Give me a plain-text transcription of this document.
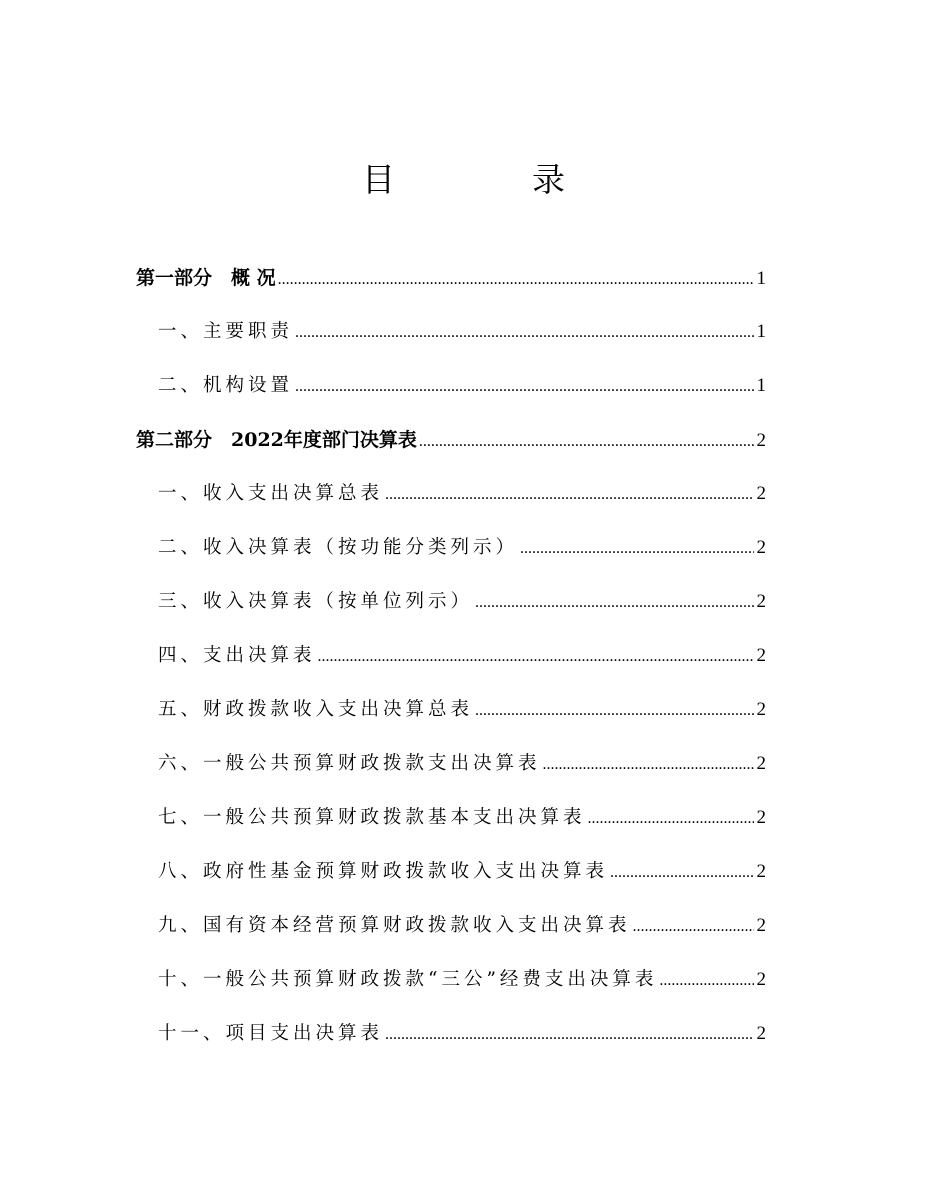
目　录
第一部分　概 况 .....	1
一、主要职责 .....	1
二、机构设置 .....	1
第二部分　2022年度部门决算表 .....	2
一、收入支出决算总表 .....	2
二、收入决算表（按功能分类列示） .....	2
三、收入决算表（按单位列示） .....	2
四、支出决算表 .....	2
五、财政拨款收入支出决算总表 .....	2
六、一般公共预算财政拨款支出决算表 .....	2
七、一般公共预算财政拨款基本支出决算表 .....	2
八、政府性基金预算财政拨款收入支出决算表 .....	2
九、国有资本经营预算财政拨款收入支出决算表 .....	2
十、一般公共预算财政拨款“三公”经费支出决算表 .....	2
十一、项目支出决算表 .....	2
